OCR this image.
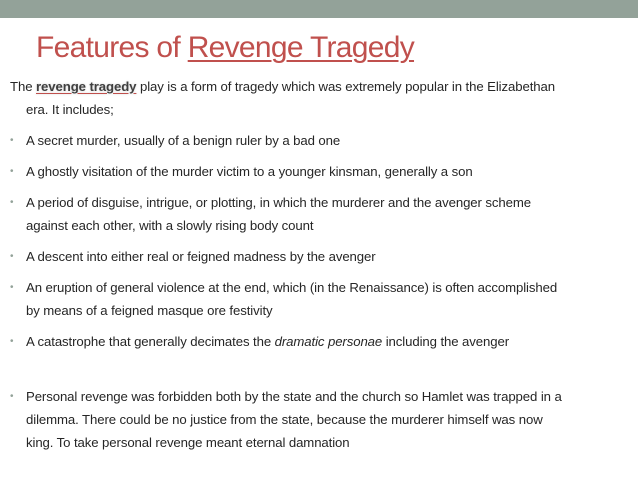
Features of Revenge Tragedy

The revenge tragedy play is a form of tragedy which was extremely popular in the Elizabethan
era. It includes;

• A secret murder, usually of a benign ruler by a bad one

• A ghostly visitation of the murder victim to a younger kinsman, generally a son

• A period of disguise, intrigue, or plotting, in which the murderer and the avenger scheme
against each other, with a slowly rising body count

• A descent into either real or feigned madness by the avenger

• An eruption of general violence at the end, which (in the Renaissance) is often accomplished
by means of a feigned masque ore festivity

• A catastrophe that generally decimates the dramatic personae including the avenger

• Personal revenge was forbidden both by the state and the church so Hamlet was trapped in a
dilemma. There could be no justice from the state, because the murderer himself was now
king. To take personal revenge meant eternal damnation
